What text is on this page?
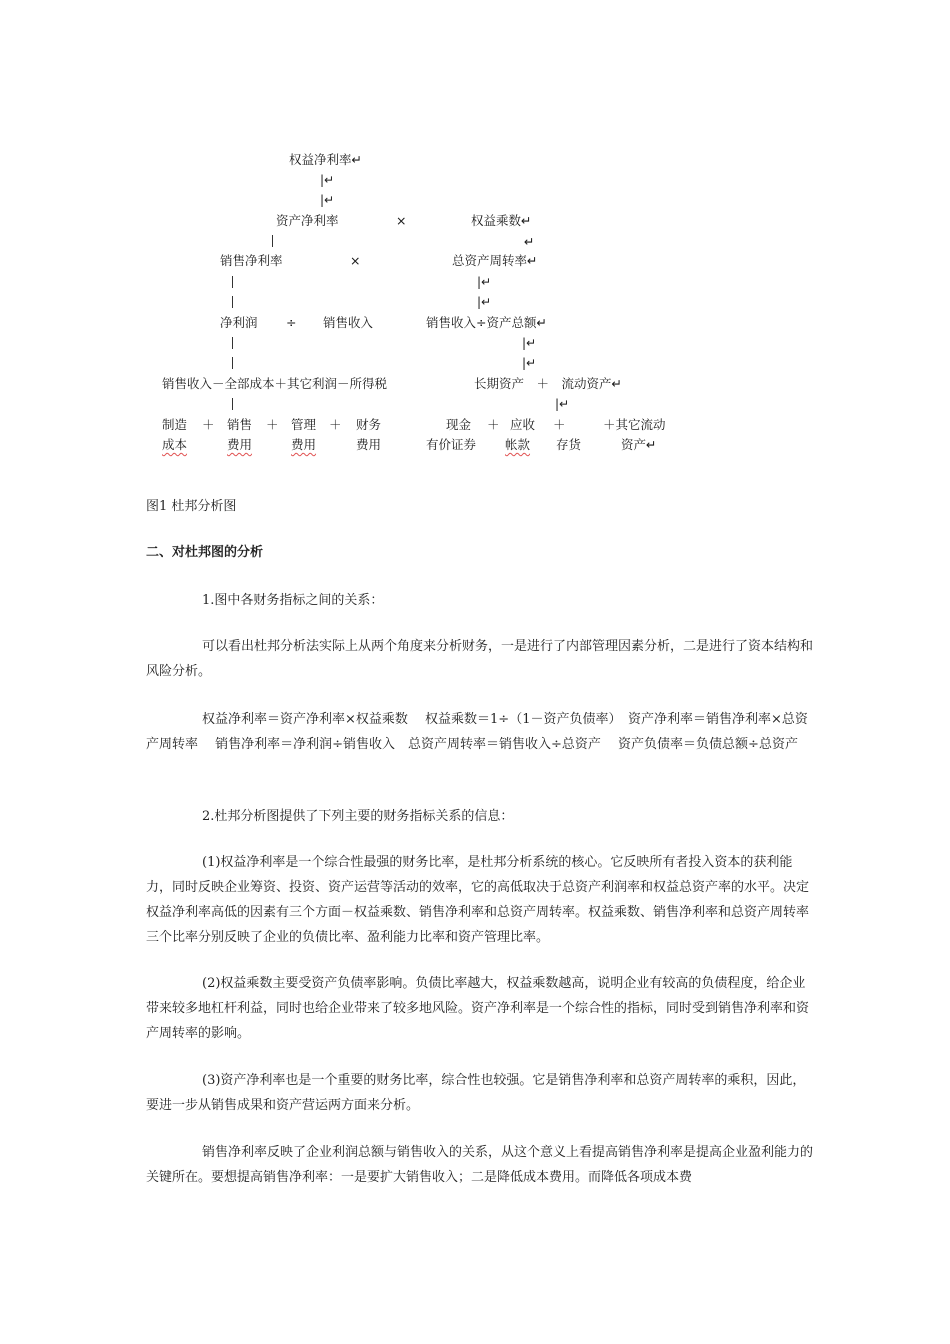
权益净利率↵
|↵
|↵
资产净利率	×	权益乘数↵
↵
销售净利率	×	总资产周转率↵
|↵
|↵
净利润 ÷ 销售收入	销售收入÷资产总额↵
|↵
|↵
销售收入－全部成本＋其它利润－所得税	长期资产　＋　流动资产↵
|↵
制造 ＋ 销售 ＋ 管理 ＋ 财务	现金 ＋ 应收 ＋	＋其它流动
成本	费用	费用	费用	有价证券 帐款 存货	资产↵
图1 杜邦分析图
二、对杜邦图的分析

1.图中各财务指标之间的关系：

可以看出杜邦分析法实际上从两个角度来分析财务，一是进行了内部管理因素分析，二是进行了资本结构和风险分析。

权益净利率＝资产净利率×权益乘数　 权益乘数＝1÷（1－资产负债率）　资产净利率＝销售净利率×总资产周转率　 销售净利率＝净利润÷销售收入　总资产周转率＝销售收入÷总资产　 资产负债率＝负债总额÷总资产

2.杜邦分析图提供了下列主要的财务指标关系的信息：

(1)权益净利率是一个综合性最强的财务比率，是杜邦分析系统的核心。它反映所有者投入资本的获利能力，同时反映企业筹资、投资、资产运营等活动的效率，它的高低取决于总资产利润率和权益总资产率的水平。决定权益净利率高低的因素有三个方面－权益乘数、销售净利率和总资产周转率。权益乘数、销售净利率和总资产周转率三个比率分别反映了企业的负债比率、盈利能力比率和资产管理比率。

(2)权益乘数主要受资产负债率影响。负债比率越大，权益乘数越高，说明企业有较高的负债程度，给企业带来较多地杠杆利益，同时也给企业带来了较多地风险。资产净利率是一个综合性的指标，同时受到销售净利率和资产周转率的影响。

(3)资产净利率也是一个重要的财务比率，综合性也较强。它是销售净利率和总资产周转率的乘积，因此，要进一步从销售成果和资产营运两方面来分析。

销售净利率反映了企业利润总额与销售收入的关系，从这个意义上看提高销售净利率是提高企业盈利能力的关键所在。要想提高销售净利率：一是要扩大销售收入；二是降低成本费用。而降低各项成本费
